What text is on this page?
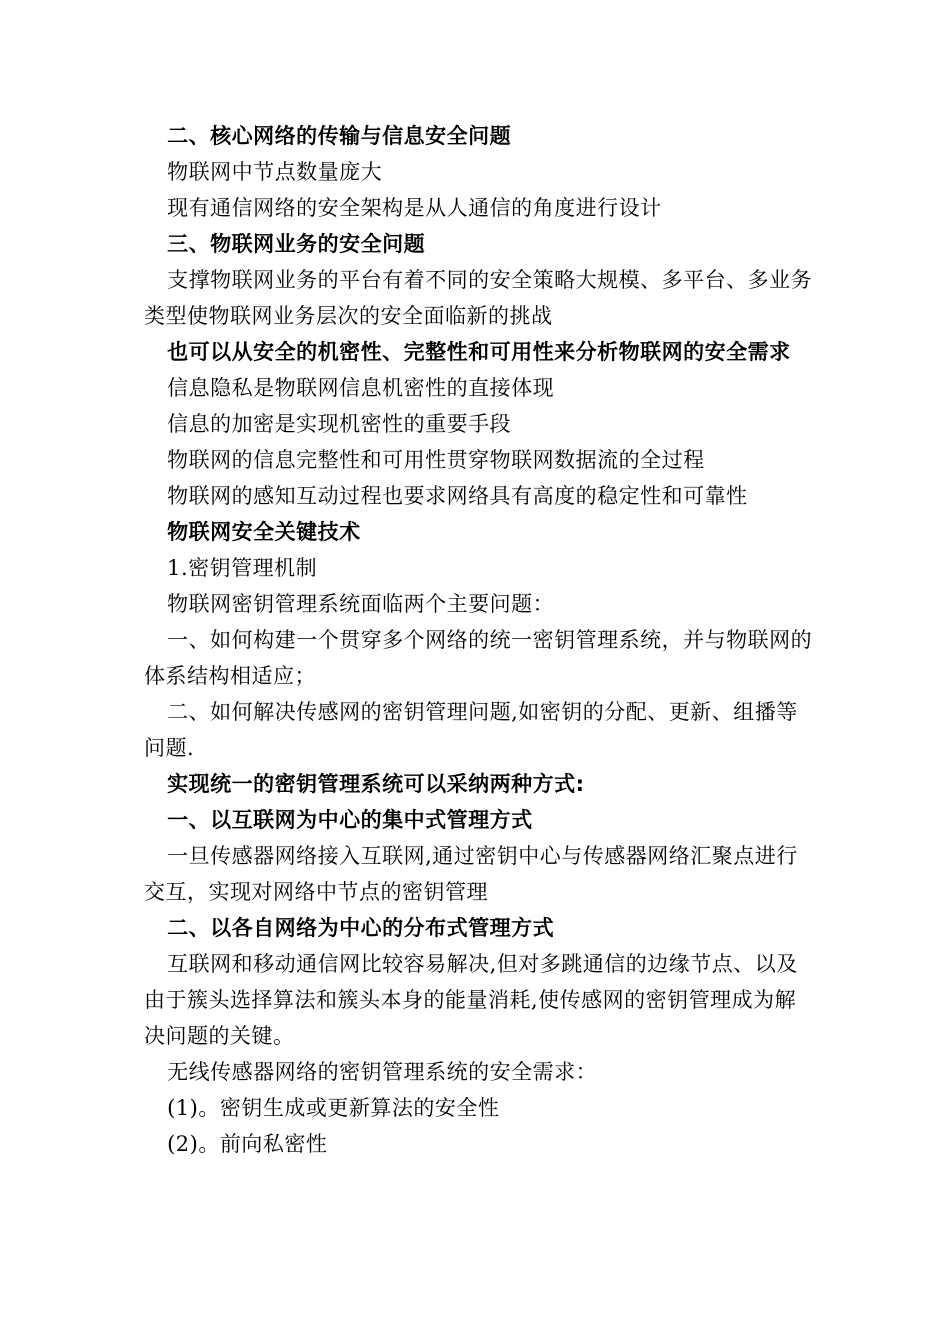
二、核心网络的传输与信息安全问题

物联网中节点数量庞大

现有通信网络的安全架构是从人通信的角度进行设计

三、物联网业务的安全问题

支撑物联网业务的平台有着不同的安全策略大规模、多平台、多业务类型使物联网业务层次的安全面临新的挑战

也可以从安全的机密性、完整性和可用性来分析物联网的安全需求

信息隐私是物联网信息机密性的直接体现

信息的加密是实现机密性的重要手段

物联网的信息完整性和可用性贯穿物联网数据流的全过程

物联网的感知互动过程也要求网络具有高度的稳定性和可靠性

物联网安全关键技术

1.密钥管理机制

物联网密钥管理系统面临两个主要问题：

一、如何构建一个贯穿多个网络的统一密钥管理系统，并与物联网的体系结构相适应；

二、如何解决传感网的密钥管理问题,如密钥的分配、更新、组播等问题.

实现统一的密钥管理系统可以采纳两种方式:

一、以互联网为中心的集中式管理方式

一旦传感器网络接入互联网,通过密钥中心与传感器网络汇聚点进行交互，实现对网络中节点的密钥管理

二、以各自网络为中心的分布式管理方式

互联网和移动通信网比较容易解决,但对多跳通信的边缘节点、以及由于簇头选择算法和簇头本身的能量消耗,使传感网的密钥管理成为解决问题的关键。

无线传感器网络的密钥管理系统的安全需求：

(1)。密钥生成或更新算法的安全性

(2)。前向私密性
